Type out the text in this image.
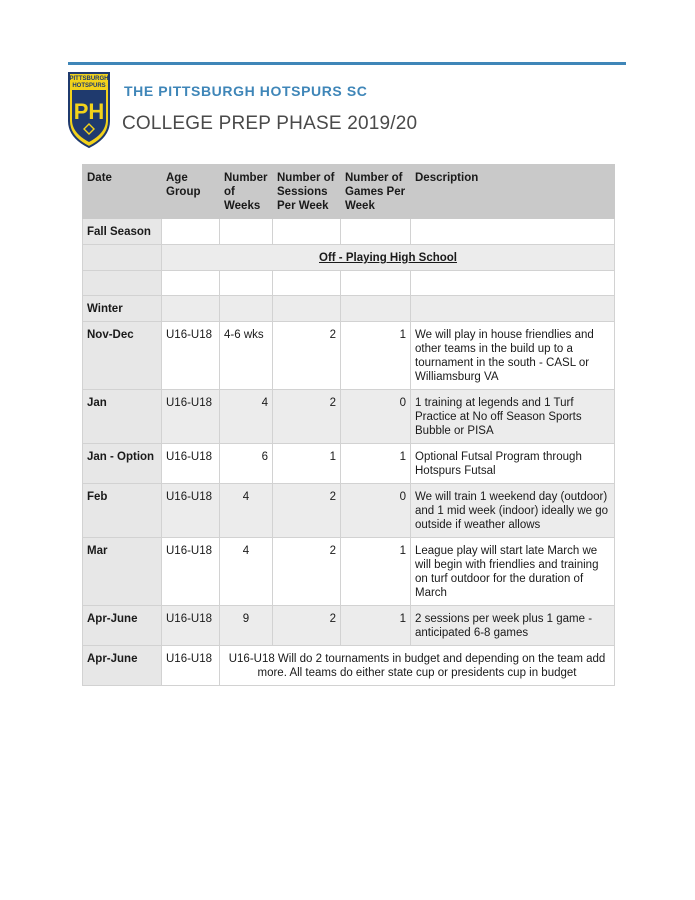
PITTSBURGH
HOTSPURS
PH
THE PITTSBURGH HOTSPURS SC
COLLEGE PREP PHASE 2019/20
Date	Age Group	Number of Weeks	Number of Sessions Per Week	Number of Games Per Week	Description
Fall Season					
	Off - Playing High School				

Winter					
Nov-Dec	U16-U18	4-6 wks	2	1	We will play in house friendlies and other teams in the build up to a tournament in the south - CASL or Williamsburg VA
Jan	U16-U18	4	2	0	1 training at legends and 1 Turf Practice at No off Season Sports Bubble or PISA
Jan - Option	U16-U18	6	1	1	Optional Futsal Program through Hotspurs Futsal
Feb	U16-U18	4	2	0	We will train 1 weekend day (outdoor) and 1 mid week (indoor) ideally we go outside if weather allows
Mar	U16-U18	4	2	1	League play will start late March we will begin with friendlies and training on turf outdoor for the duration of March
Apr-June	U16-U18	9	2	1	2 sessions per week plus 1 game - anticipated 6-8 games
Apr-June	U16-U18	U16-U18 Will do 2 tournaments in budget and depending on the team add more. All teams do either state cup or presidents cup in budget			
